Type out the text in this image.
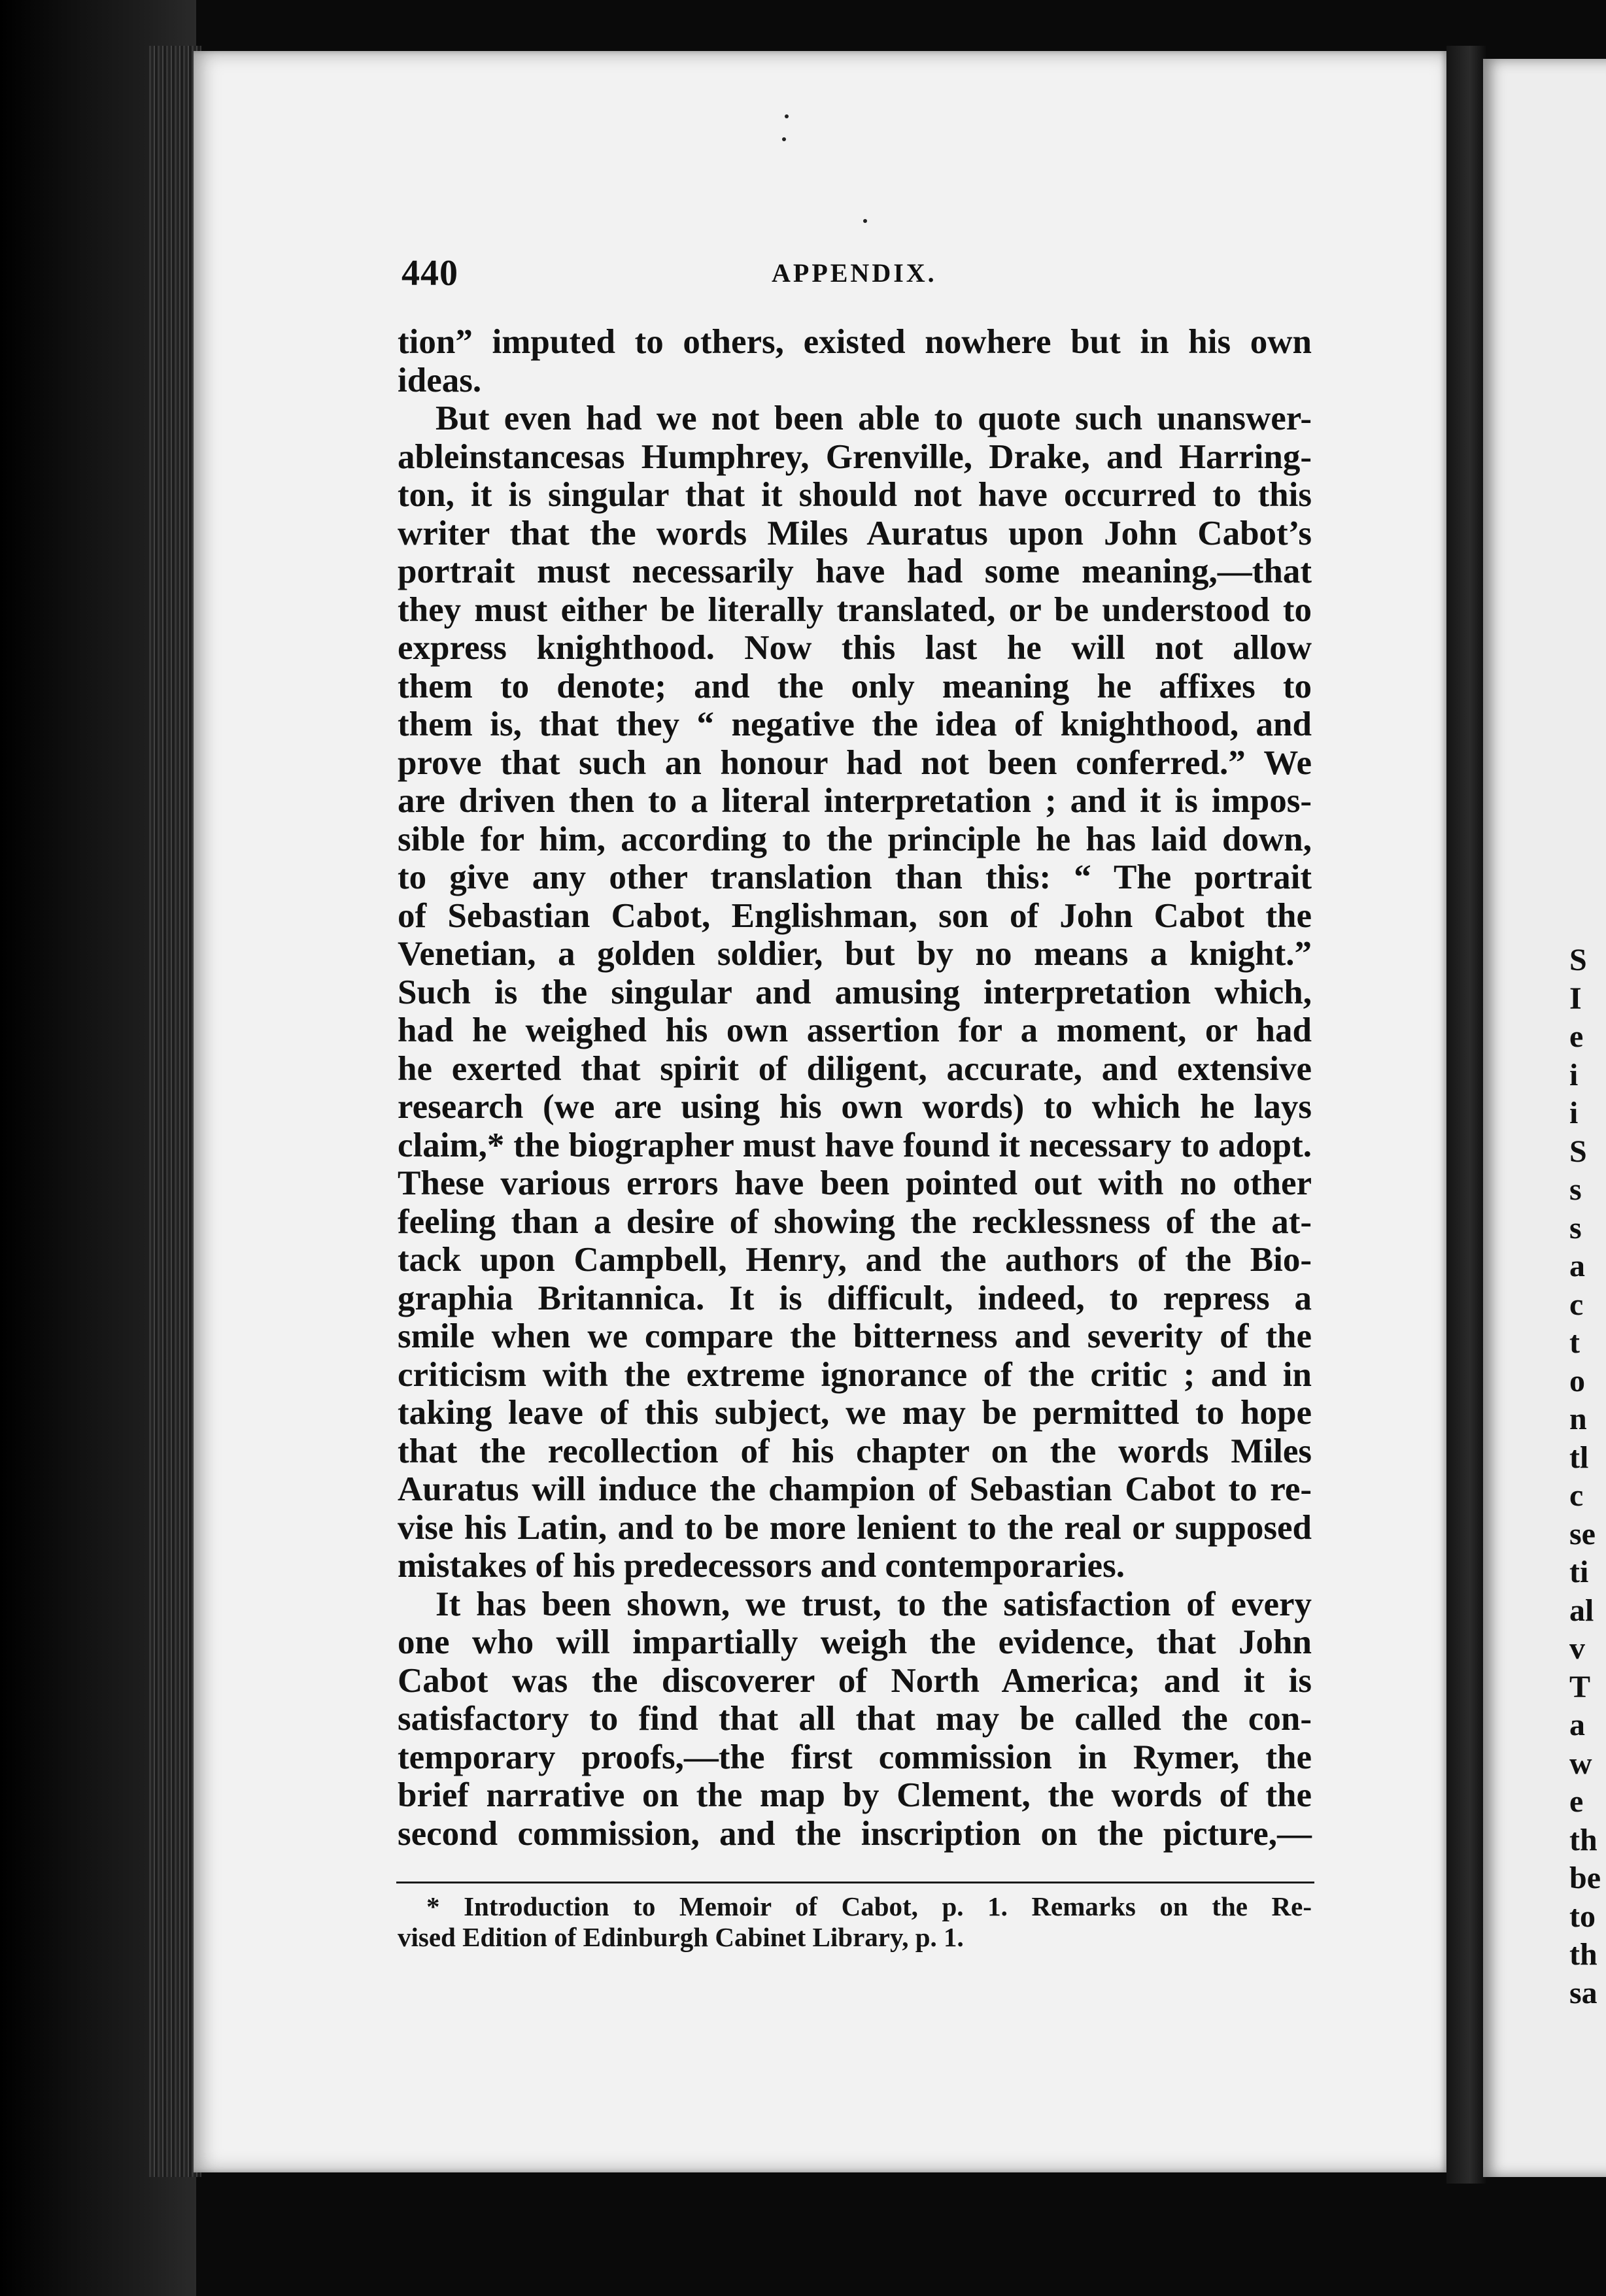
S
I
e
i
i
S
s
s
a
c
t
o
n
tl
c
se
ti
al
v
T
a
w
e
th
be
to
th
sa
440	APPENDIX.
tion” imputed to others, existed nowhere but in his own
ideas.
But even had we not been able to quote such unanswer-
ableinstancesas Humphrey, Grenville, Drake, and Harring-
ton, it is singular that it should not have occurred to this
writer that the words Miles Auratus upon John Cabot’s
portrait must necessarily have had some meaning,—that
they must either be literally translated, or be understood to
express knighthood. Now this last he will not allow
them to denote; and the only meaning he affixes to
them is, that they “ negative the idea of knighthood, and
prove that such an honour had not been conferred.” We
are driven then to a literal interpretation ; and it is impos-
sible for him, according to the principle he has laid down,
to give any other translation than this: “ The portrait
of Sebastian Cabot, Englishman, son of John Cabot the
Venetian, a golden soldier, but by no means a knight.”
Such is the singular and amusing interpretation which,
had he weighed his own assertion for a moment, or had
he exerted that spirit of diligent, accurate, and extensive
research (we are using his own words) to which he lays
claim,* the biographer must have found it necessary to adopt.
These various errors have been pointed out with no other
feeling than a desire of showing the recklessness of the at-
tack upon Campbell, Henry, and the authors of the Bio-
graphia Britannica. It is difficult, indeed, to repress a
smile when we compare the bitterness and severity of the
criticism with the extreme ignorance of the critic ; and in
taking leave of this subject, we may be permitted to hope
that the recollection of his chapter on the words Miles
Auratus will induce the champion of Sebastian Cabot to re-
vise his Latin, and to be more lenient to the real or supposed
mistakes of his predecessors and contemporaries.
It has been shown, we trust, to the satisfaction of every
one who will impartially weigh the evidence, that John
Cabot was the discoverer of North America; and it is
satisfactory to find that all that may be called the con-
temporary proofs,—the first commission in Rymer, the
brief narrative on the map by Clement, the words of the
second commission, and the inscription on the picture,—
* Introduction to Memoir of Cabot, p. 1. Remarks on the Re-
vised Edition of Edinburgh Cabinet Library, p. 1.
